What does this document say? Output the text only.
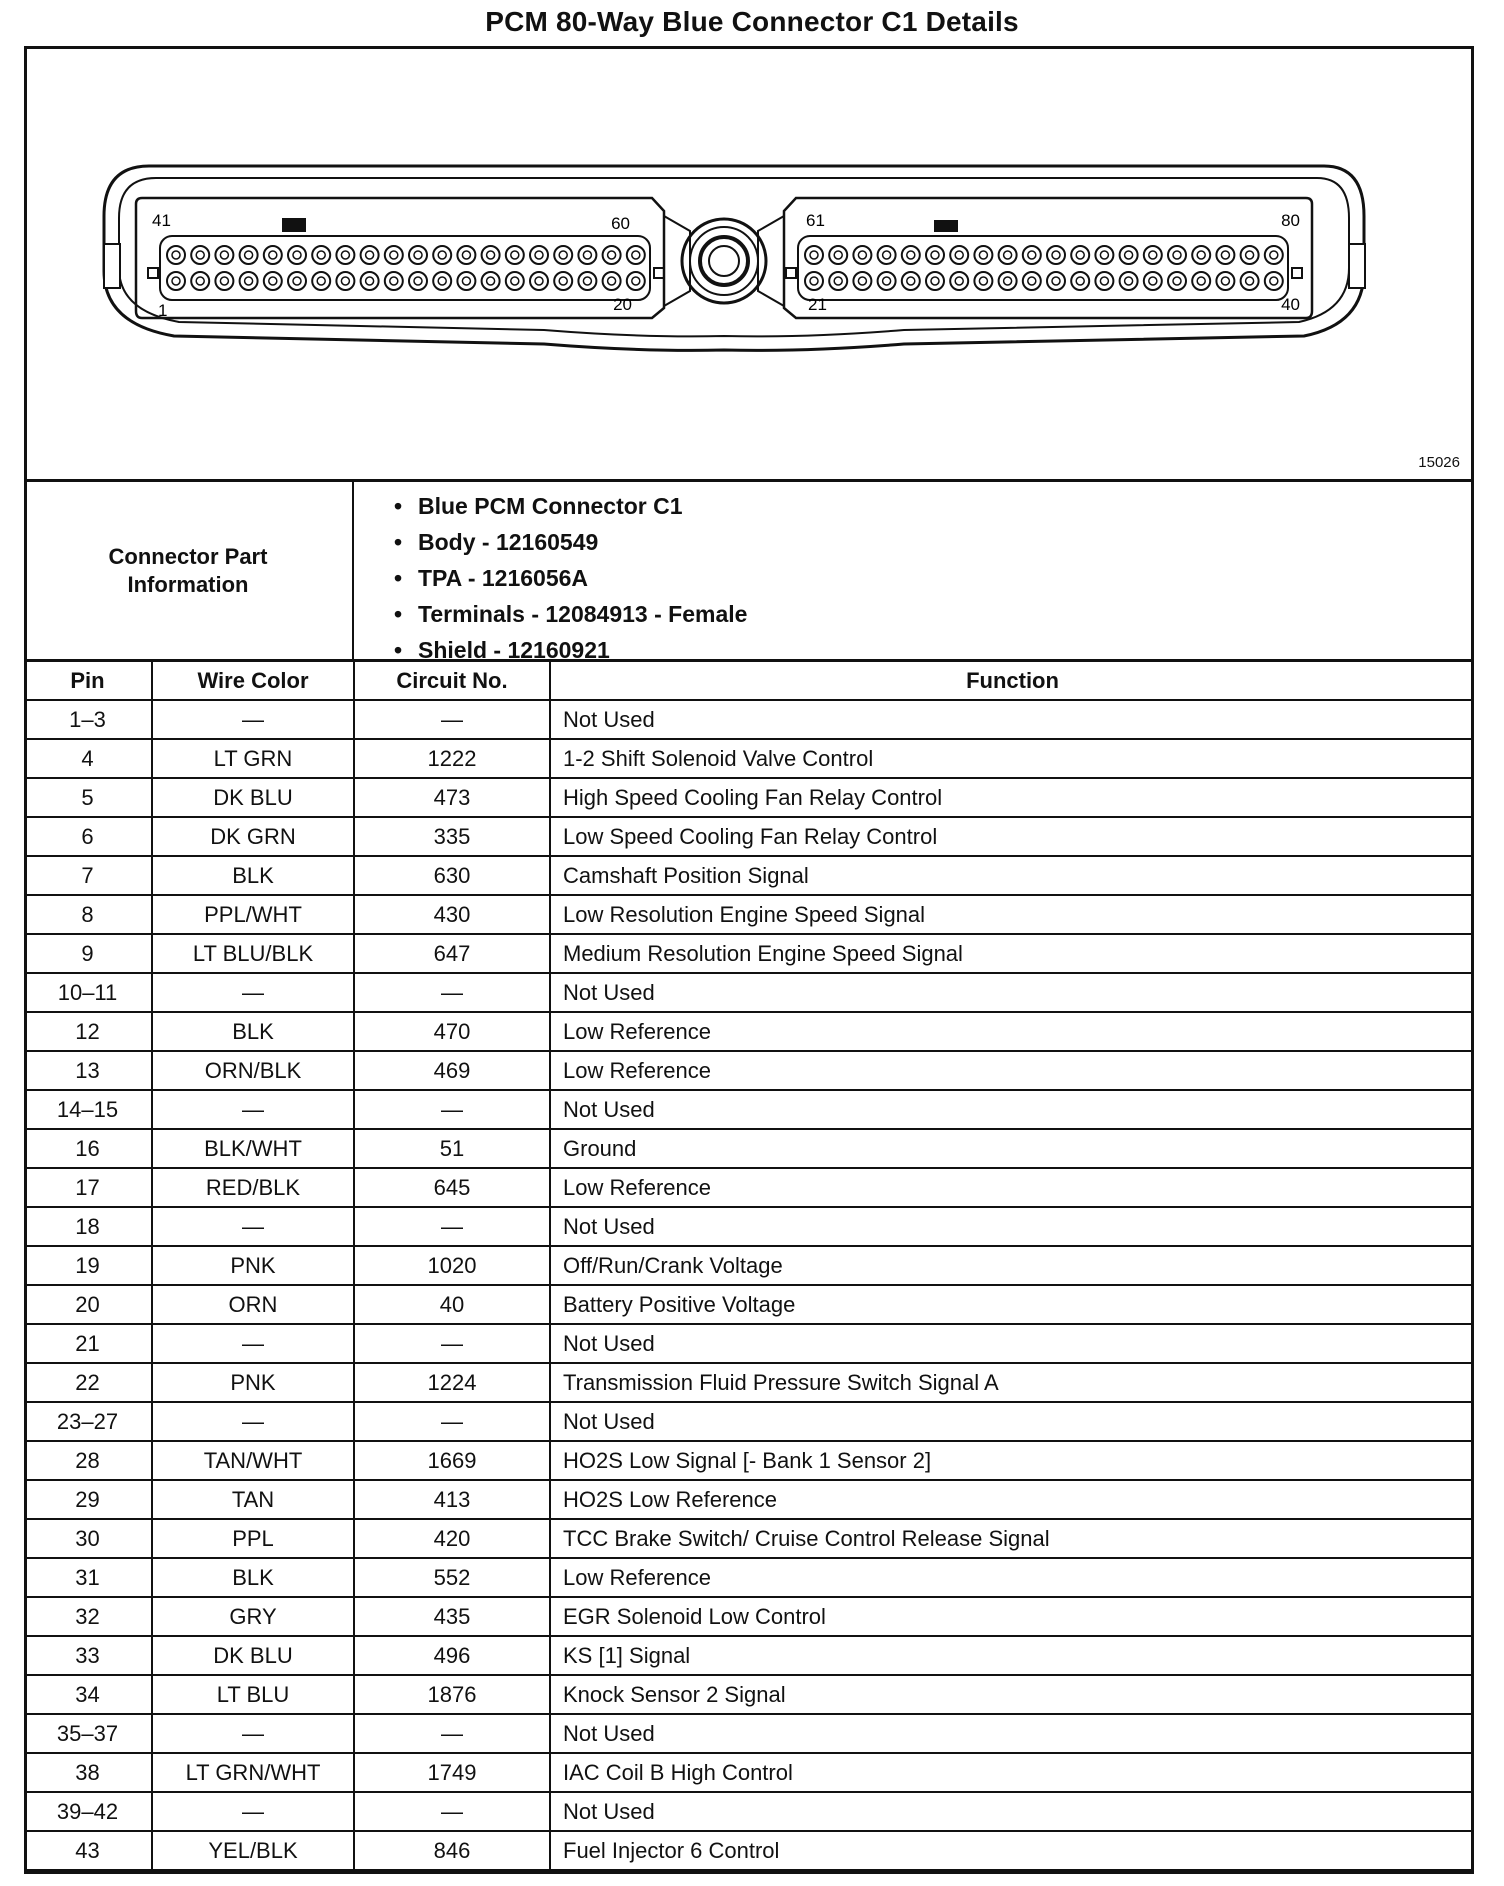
PCM 80-Way Blue Connector C1 Details
41	60
1	20
61	80
21	40
15026
Connector Part Information
• Blue PCM Connector C1
• Body - 12160549
• TPA - 1216056A
• Terminals - 12084913 - Female
• Shield - 12160921
Pin	Wire Color	Circuit No.	Function
1–3	—	—	Not Used
4	LT GRN	1222	1-2 Shift Solenoid Valve Control
5	DK BLU	473	High Speed Cooling Fan Relay Control
6	DK GRN	335	Low Speed Cooling Fan Relay Control
7	BLK	630	Camshaft Position Signal
8	PPL/WHT	430	Low Resolution Engine Speed Signal
9	LT BLU/BLK	647	Medium Resolution Engine Speed Signal
10–11	—	—	Not Used
12	BLK	470	Low Reference
13	ORN/BLK	469	Low Reference
14–15	—	—	Not Used
16	BLK/WHT	51	Ground
17	RED/BLK	645	Low Reference
18	—	—	Not Used
19	PNK	1020	Off/Run/Crank Voltage
20	ORN	40	Battery Positive Voltage
21	—	—	Not Used
22	PNK	1224	Transmission Fluid Pressure Switch Signal A
23–27	—	—	Not Used
28	TAN/WHT	1669	HO2S Low Signal [- Bank 1 Sensor 2]
29	TAN	413	HO2S Low Reference
30	PPL	420	TCC Brake Switch/ Cruise Control Release Signal
31	BLK	552	Low Reference
32	GRY	435	EGR Solenoid Low Control
33	DK BLU	496	KS [1] Signal
34	LT BLU	1876	Knock Sensor 2 Signal
35–37	—	—	Not Used
38	LT GRN/WHT	1749	IAC Coil B High Control
39–42	—	—	Not Used
43	YEL/BLK	846	Fuel Injector 6 Control
